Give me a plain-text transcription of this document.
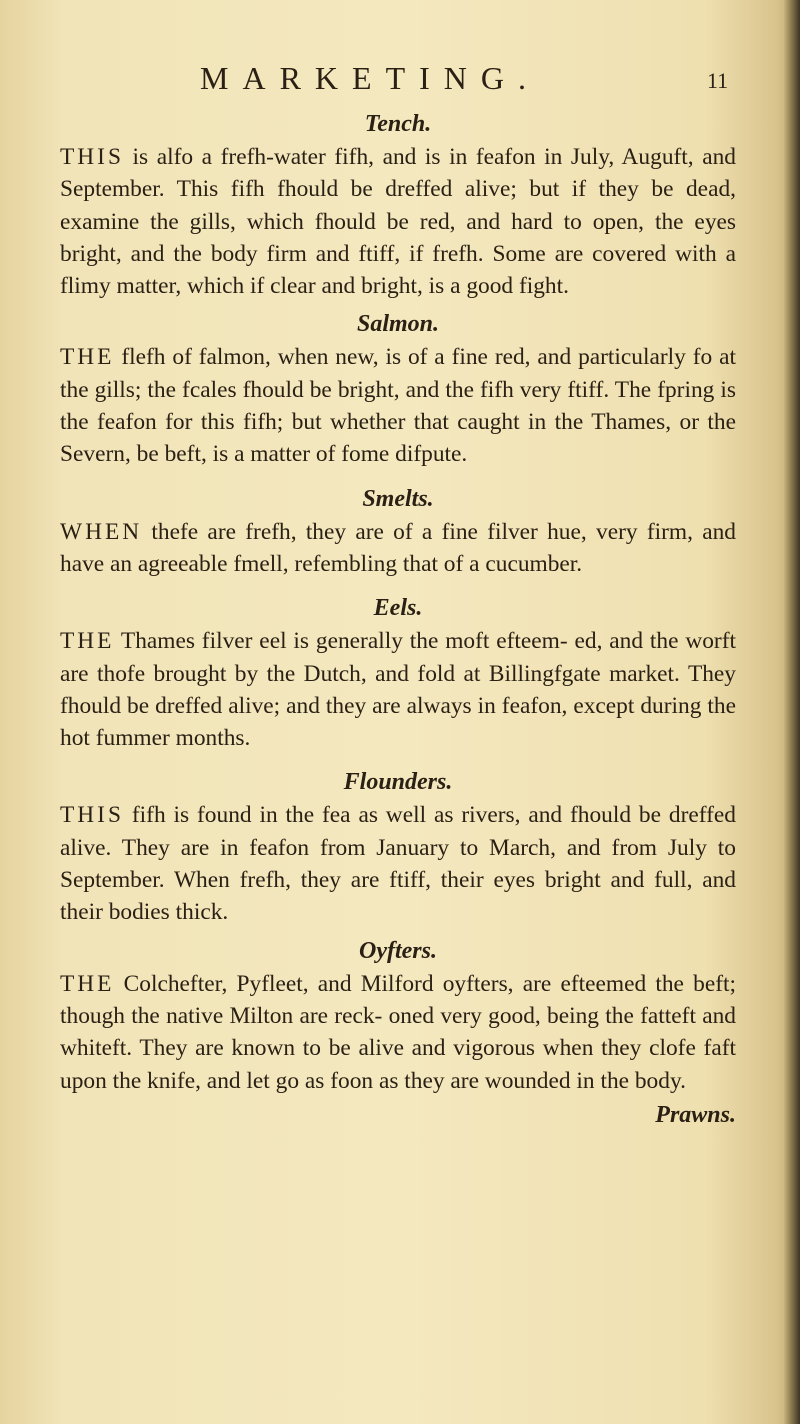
MARKETING.	11
Tench.

THIS is alfo a frefh-water fifh, and is in feafon in July, Auguft, and September. This fifh fhould be dreffed alive; but if they be dead, examine the gills, which fhould be red, and hard to open, the eyes bright, and the body firm and ftiff, if frefh. Some are covered with a flimy matter, which if clear and bright, is a good fight.

Salmon.

THE flefh of falmon, when new, is of a fine red, and particularly fo at the gills; the fcales fhould be bright, and the fifh very ftiff. The fpring is the feafon for this fifh; but whether that caught in the Thames, or the Severn, be beft, is a matter of fome difpute.

Smelts.

WHEN thefe are frefh, they are of a fine filver hue, very firm, and have an agreeable fmell, refembling that of a cucumber.

Eels.

THE Thames filver eel is generally the moft efteem- ed, and the worft are thofe brought by the Dutch, and fold at Billingfgate market. They fhould be dreffed alive; and they are always in feafon, except during the hot fummer months.

Flounders.

THIS fifh is found in the fea as well as rivers, and fhould be dreffed alive. They are in feafon from January to March, and from July to September. When frefh, they are ftiff, their eyes bright and full, and their bodies thick.

Oyfters.

THE Colchefter, Pyfleet, and Milford oyfters, are efteemed the beft; though the native Milton are reck- oned very good, being the fatteft and whiteft. They are known to be alive and vigorous when they clofe faft upon the knife, and let go as foon as they are wounded in the body.

Prawns.
